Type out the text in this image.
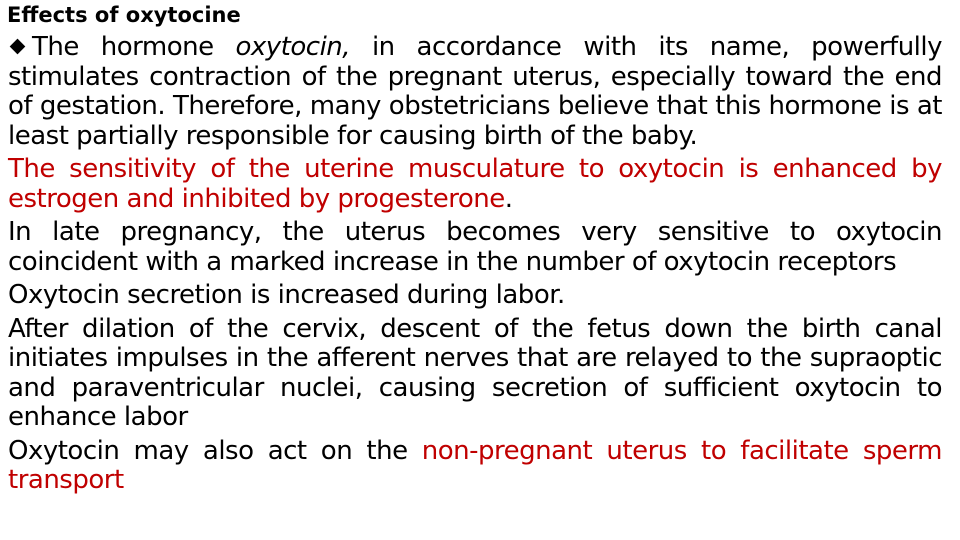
Effects of oxytocine

The hormone oxytocin, in accordance with its name, powerfully stimulates contraction of the pregnant uterus, especially toward the end of gestation. Therefore, many obstetricians believe that this hormone is at least partially responsible for causing birth of the baby.

The sensitivity of the uterine musculature to oxytocin is enhanced by estrogen and inhibited by progesterone.

In late pregnancy, the uterus becomes very sensitive to oxytocin coincident with a marked increase in the number of oxytocin receptors

Oxytocin secretion is increased during labor.

After dilation of the cervix, descent of the fetus down the birth canal initiates impulses in the afferent nerves that are relayed to the supraoptic and paraventricular nuclei, causing secretion of sufficient oxytocin to enhance labor

Oxytocin may also act on the non-pregnant uterus to facilitate sperm transport
